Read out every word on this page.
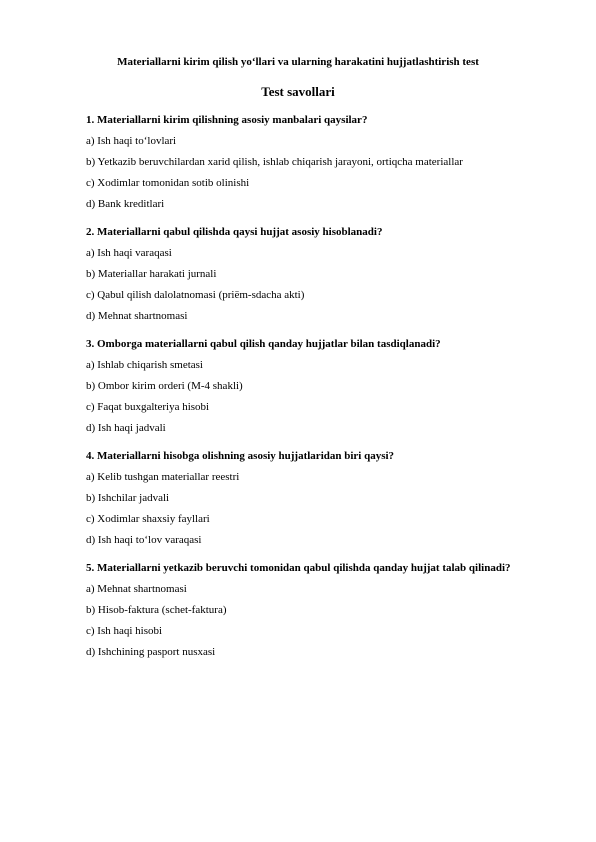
Materiallarni kirim qilish yo‘llari va ularning harakatini hujjatlashtirish test
Test savollari
1. Materiallarni kirim qilishning asosiy manbalari qaysilar?
a) Ish haqi to‘lovlari
b) Yetkazib beruvchilardan xarid qilish, ishlab chiqarish jarayoni, ortiqcha materiallar
c) Xodimlar tomonidan sotib olinishi
d) Bank kreditlari
2. Materiallarni qabul qilishda qaysi hujjat asosiy hisoblanadi?
a) Ish haqi varaqasi
b) Materiallar harakati jurnali
c) Qabul qilish dalolatnomasi (priëm-sdacha akti)
d) Mehnat shartnomasi
3. Omborga materiallarni qabul qilish qanday hujjatlar bilan tasdiqlanadi?
a) Ishlab chiqarish smetasi
b) Ombor kirim orderi (M-4 shakli)
c) Faqat buxgalteriya hisobi
d) Ish haqi jadvali
4. Materiallarni hisobga olishning asosiy hujjatlaridan biri qaysi?
a) Kelib tushgan materiallar reestri
b) Ishchilar jadvali
c) Xodimlar shaxsiy fayllari
d) Ish haqi to‘lov varaqasi
5. Materiallarni yetkazib beruvchi tomonidan qabul qilishda qanday hujjat talab qilinadi?
a) Mehnat shartnomasi
b) Hisob-faktura (schet-faktura)
c) Ish haqi hisobi
d) Ishchining pasport nusxasi
